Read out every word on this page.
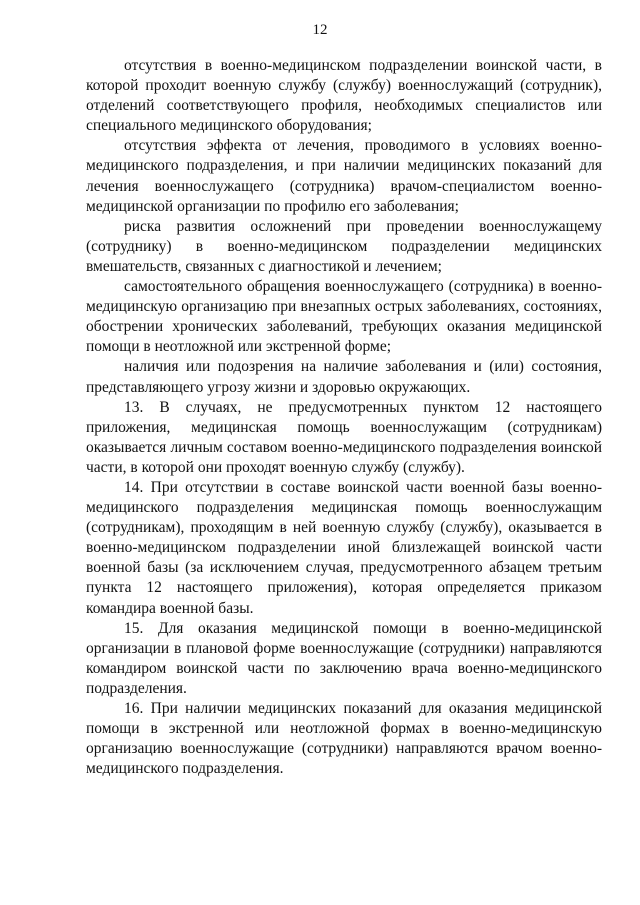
12

отсутствия в военно-медицинском подразделении воинской части, в которой проходит военную службу (службу) военнослужащий (сотрудник), отделений соответствующего профиля, необходимых специалистов или специального медицинского оборудования;

отсутствия эффекта от лечения, проводимого в условиях военно-медицинского подразделения, и при наличии медицинских показаний для лечения военнослужащего (сотрудника) врачом-специалистом военно-медицинской организации по профилю его заболевания;

риска развития осложнений при проведении военнослужащему (сотруднику) в военно-медицинском подразделении медицинских вмешательств, связанных с диагностикой и лечением;

самостоятельного обращения военнослужащего (сотрудника) в военно-медицинскую организацию при внезапных острых заболеваниях, состояниях, обострении хронических заболеваний, требующих оказания медицинской помощи в неотложной или экстренной форме;

наличия или подозрения на наличие заболевания и (или) состояния, представляющего угрозу жизни и здоровью окружающих.

13. В случаях, не предусмотренных пунктом 12 настоящего приложения, медицинская помощь военнослужащим (сотрудникам) оказывается личным составом военно-медицинского подразделения воинской части, в которой они проходят военную службу (службу).

14. При отсутствии в составе воинской части военной базы военно-медицинского подразделения медицинская помощь военнослужащим (сотрудникам), проходящим в ней военную службу (службу), оказывается в военно-медицинском подразделении иной близлежащей воинской части военной базы (за исключением случая, предусмотренного абзацем третьим пункта 12 настоящего приложения), которая определяется приказом командира военной базы.

15. Для оказания медицинской помощи в военно-медицинской организации в плановой форме военнослужащие (сотрудники) направляются командиром воинской части по заключению врача военно-медицинского подразделения.

16. При наличии медицинских показаний для оказания медицинской помощи в экстренной или неотложной формах в военно-медицинскую организацию военнослужащие (сотрудники) направляются врачом военно-медицинского подразделения.
